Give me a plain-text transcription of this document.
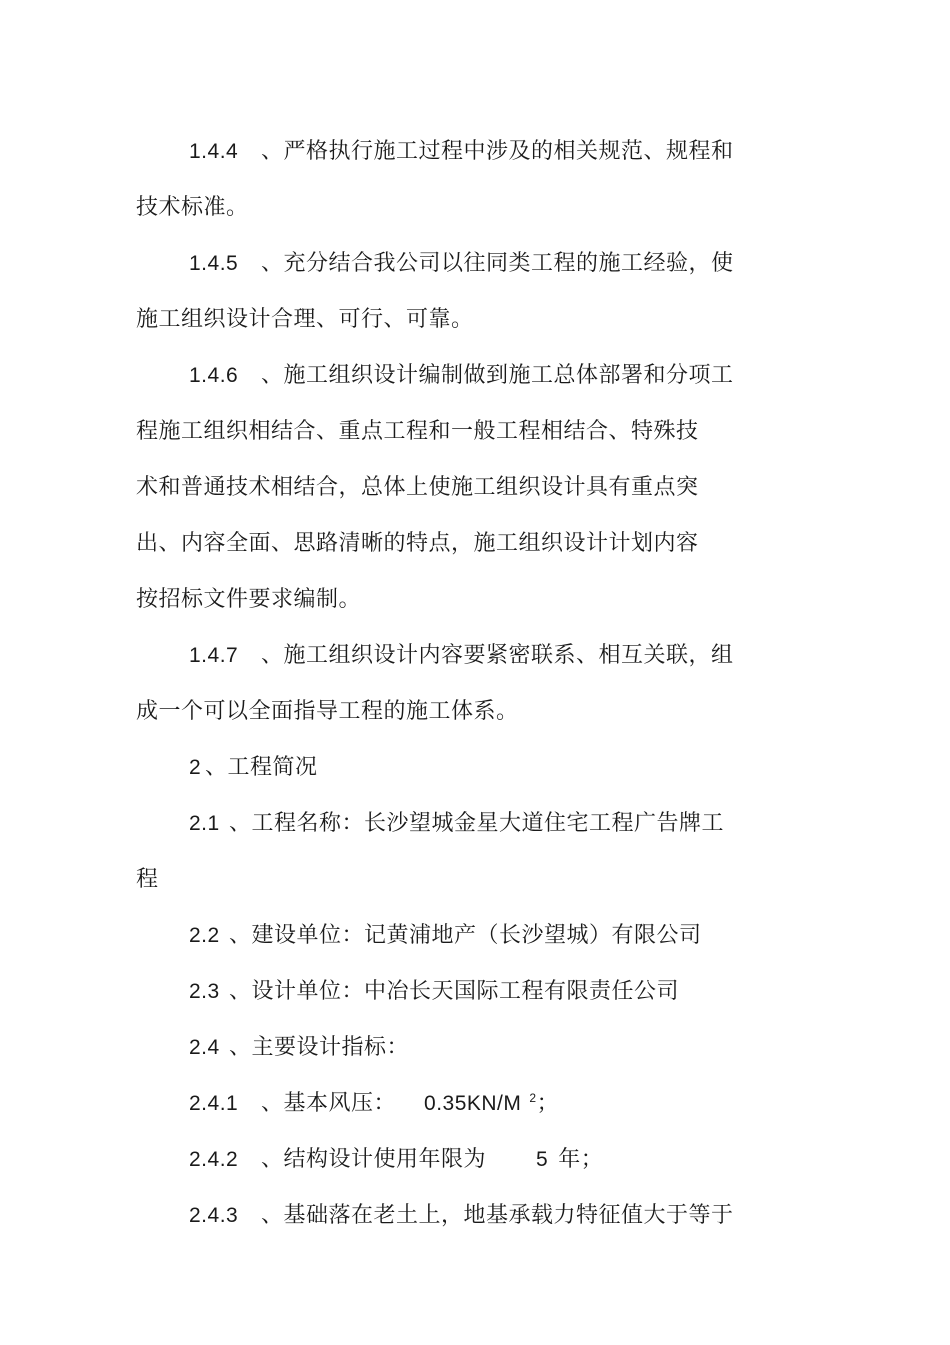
1.4.4 、严格执行施工过程中涉及的相关规范、规程和
技术标准。
1.4.5 、充分结合我公司以往同类工程的施工经验，使
施工组织设计合理、可行、可靠。
1.4.6 、施工组织设计编制做到施工总体部署和分项工
程施工组织相结合、重点工程和一般工程相结合、特殊技
术和普通技术相结合，总体上使施工组织设计具有重点突
出、内容全面、思路清晰的特点，施工组织设计计划内容
按招标文件要求编制。
1.4.7 、施工组织设计内容要紧密联系、相互关联，组
成一个可以全面指导工程的施工体系。
2 、工程简况
2.1 、工程名称：长沙望城金星大道住宅工程广告牌工
程
2.2 、建设单位：记黄浦地产（长沙望城）有限公司
2.3 、设计单位：中冶长天国际工程有限责任公司
2.4 、主要设计指标：
2.4.1 、基本风压： 0.35KN/M $^2$；
2.4.2 、结构设计使用年限为 5 年；
2.4.3 、基础落在老土上，地基承载力特征值大于等于
